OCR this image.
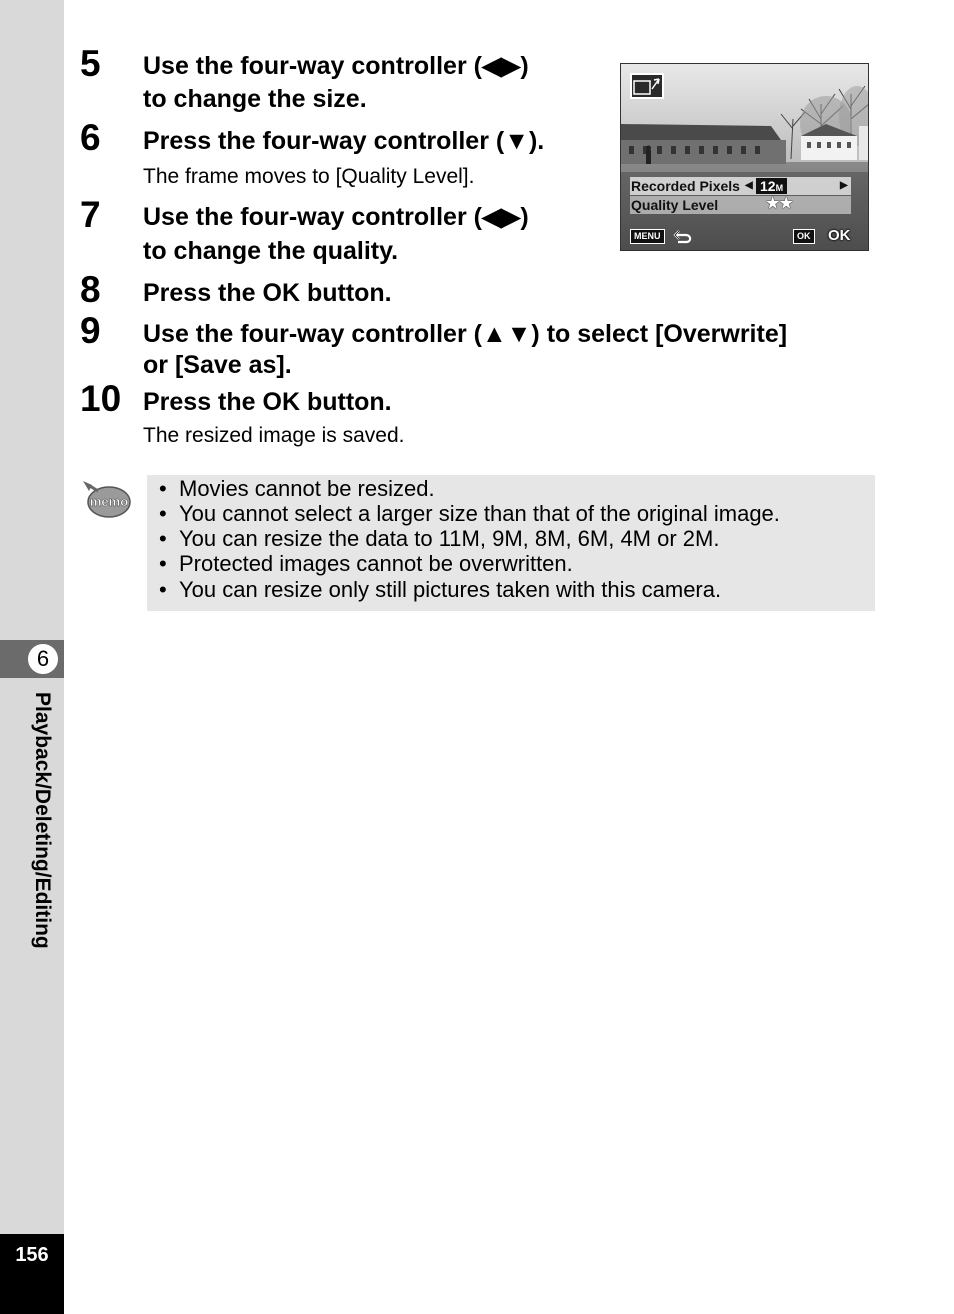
6
Playback/Deleting/Editing
156
5 Use the four-way controller (◀▶)
to change the size.
6 Press the four-way controller (▼).
The frame moves to [Quality Level].
7 Use the four-way controller (◀▶)
to change the quality.
8 Press the OK button.
9 Use the four-way controller (▲▼) to select [Overwrite]
or [Save as].
10 Press the OK button.
The resized image is saved.
Recorded Pixels ◀ 12M	▶
Quality Level	★★
MENU	OK OK
memo
• Movies cannot be resized.
• You cannot select a larger size than that of the original image.
• You can resize the data to 11M, 9M, 8M, 6M, 4M or 2M.
• Protected images cannot be overwritten.
• You can resize only still pictures taken with this camera.
